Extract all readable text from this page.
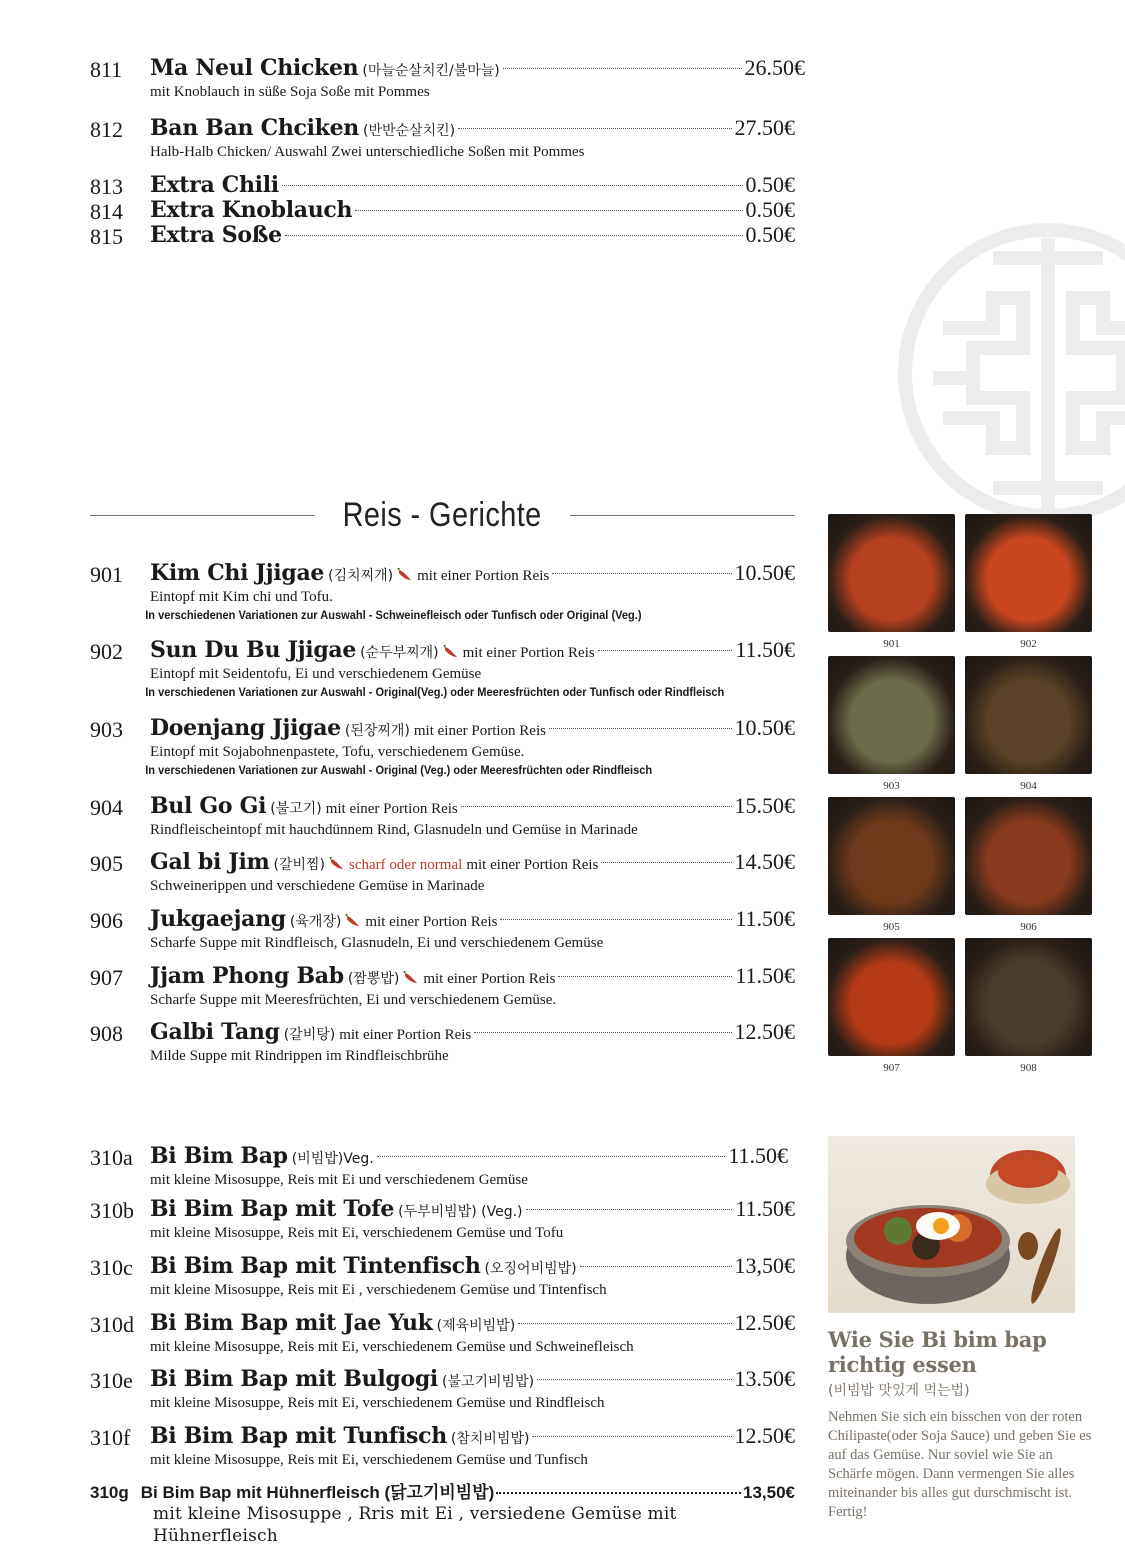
811 Ma Neul Chicken (마늘순살치킨/불마늘)	26.50€
mit Knoblauch in süße Soja Soße mit Pommes
812 Ban Ban Chciken (반반순살치킨)	27.50€
Halb-Halb Chicken/ Auswahl Zwei unterschiedliche Soßen mit Pommes
813 Extra Chili	0.50€
814 Extra Knoblauch	0.50€
815 Extra Soße	0.50€
Reis - Gerichte
901 Kim Chi Jjigae (김치찌개) mit einer Portion Reis	10.50€
Eintopf mit Kim chi und Tofu.
In verschiedenen Variationen zur Auswahl - Schweinefleisch oder Tunfisch oder Original (Veg.)
902 Sun Du Bu Jjigae (순두부찌개) mit einer Portion Reis	11.50€
Eintopf mit Seidentofu, Ei und verschiedenem Gemüse
In verschiedenen Variationen zur Auswahl - Original(Veg.) oder Meeresfrüchten oder Tunfisch oder Rindfleisch
903 Doenjang Jjigae (된장찌개) mit einer Portion Reis	10.50€
Eintopf mit Sojabohnenpastete, Tofu, verschiedenem Gemüse.
In verschiedenen Variationen zur Auswahl - Original (Veg.) oder Meeresfrüchten oder Rindfleisch
904 Bul Go Gi (불고기) mit einer Portion Reis	15.50€
Rindfleischeintopf mit hauchdünnem Rind, Glasnudeln und Gemüse in Marinade
905 Gal bi Jim (갈비찜) scharf oder normal mit einer Portion Reis	14.50€
Schweinerippen und verschiedene Gemüse in Marinade
906 Jukgaejang (육개장) mit einer Portion Reis	11.50€
Scharfe Suppe mit Rindfleisch, Glasnudeln, Ei und verschiedenem Gemüse
907 Jjam Phong Bab (짬뽕밥) mit einer Portion Reis	11.50€
Scharfe Suppe mit Meeresfrüchten, Ei und verschiedenem Gemüse.
908 Galbi Tang (갈비탕) mit einer Portion Reis	12.50€
Milde Suppe mit Rindrippen im Rindfleischbrühe
310a Bi Bim Bap (비빔밥)Veg.	11.50€
mit kleine Misosuppe, Reis mit Ei und verschiedenem Gemüse
310b Bi Bim Bap mit Tofe (두부비빔밥) (Veg.)	11.50€
mit kleine Misosuppe, Reis mit Ei, verschiedenem Gemüse und Tofu
310c Bi Bim Bap mit Tintenfisch (오징어비빔밥)	13,50€
mit kleine Misosuppe, Reis mit Ei , verschiedenem Gemüse und Tintenfisch
310d Bi Bim Bap mit Jae Yuk (제육비빔밥)	12.50€
mit kleine Misosuppe, Reis mit Ei, verschiedenem Gemüse und Schweinefleisch
310e Bi Bim Bap mit Bulgogi (불고기비빔밥)	13.50€
mit kleine Misosuppe, Reis mit Ei, verschiedenem Gemüse und Rindfleisch
310f Bi Bim Bap mit Tunfisch (참치비빔밥)	12.50€
mit kleine Misosuppe, Reis mit Ei, verschiedenem Gemüse und Tunfisch
310g Bi Bim Bap mit Hühnerfleisch (닭고기비빔밥)	13,50€
mit kleine Misosuppe , Rris mit Ei , versiedene Gemüse mit Hühnerfleisch
901	902
903	904
905	906
907	908
Wie Sie Bi bim bap
richtig essen
(비빔밥 맛있게 먹는법)
Nehmen Sie sich ein bisschen von der roten Chilipaste(oder Soja Sauce) und geben Sie es auf das Gemüse. Nur soviel wie Sie an Schärfe mögen. Dann vermengen Sie alles miteinander bis alles gut durschmischt ist. Fertig!
